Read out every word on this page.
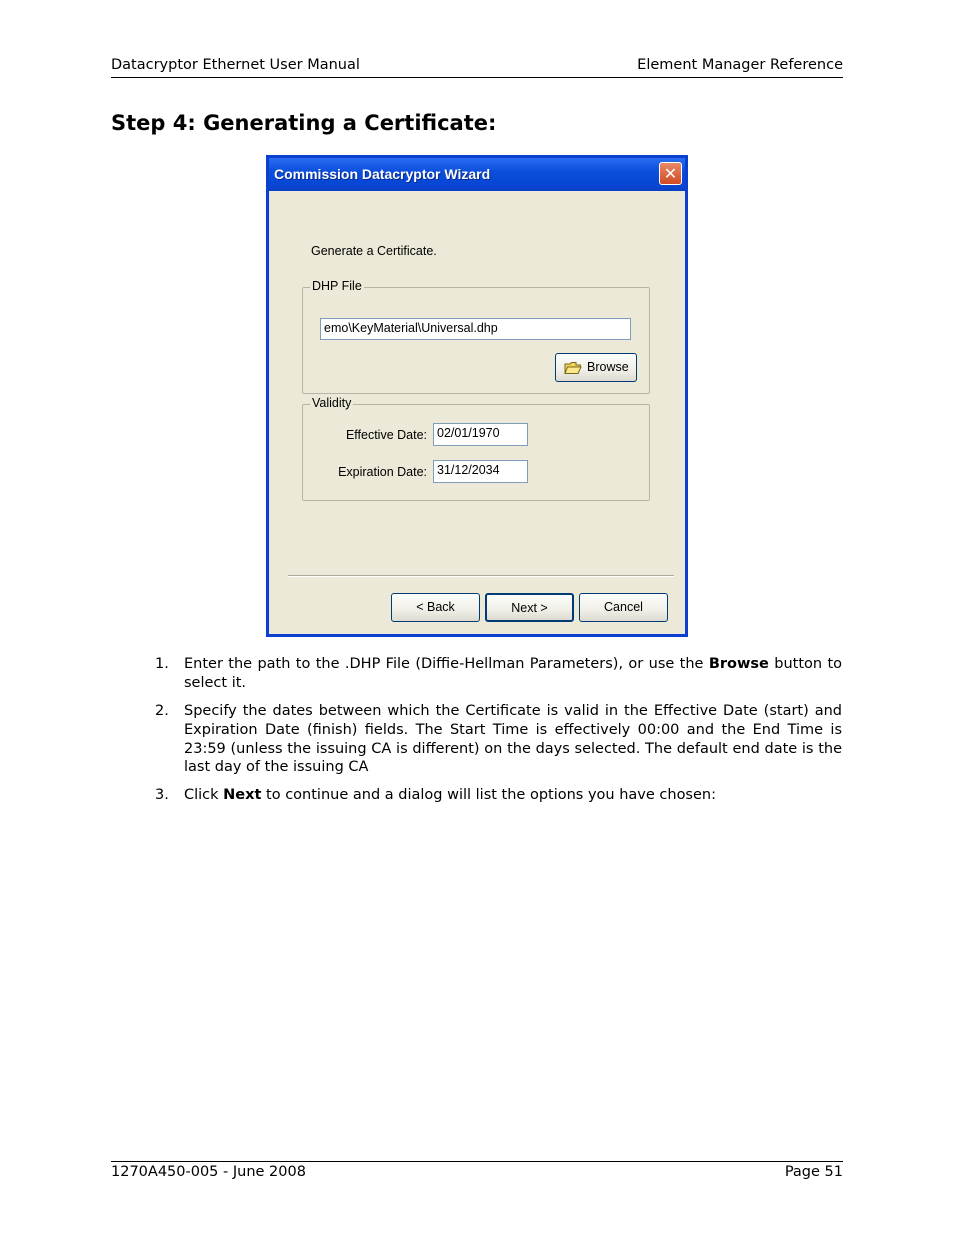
Datacryptor Ethernet User Manual	Element Manager Reference
Step 4: Generating a Certificate:
Commission Datacryptor Wizard	✕
Generate a Certificate.
DHP File
emo\KeyMaterial\Universal.dhp
Browse
Validity
Effective Date: 02/01/1970
Expiration Date: 31/12/2034
< Back	Next >	Cancel
1.	Enter the path to the .DHP File (Diffie-Hellman Parameters), or use the Browse button to select it.
2.	Specify the dates between which the Certificate is valid in the Effective Date (start) and Expiration Date (finish) fields. The Start Time is effectively 00:00 and the End Time is 23:59 (unless the issuing CA is different) on the days selected. The default end date is the last day of the issuing CA
3.	Click Next to continue and a dialog will list the options you have chosen:
1270A450-005 - June 2008	Page 51
